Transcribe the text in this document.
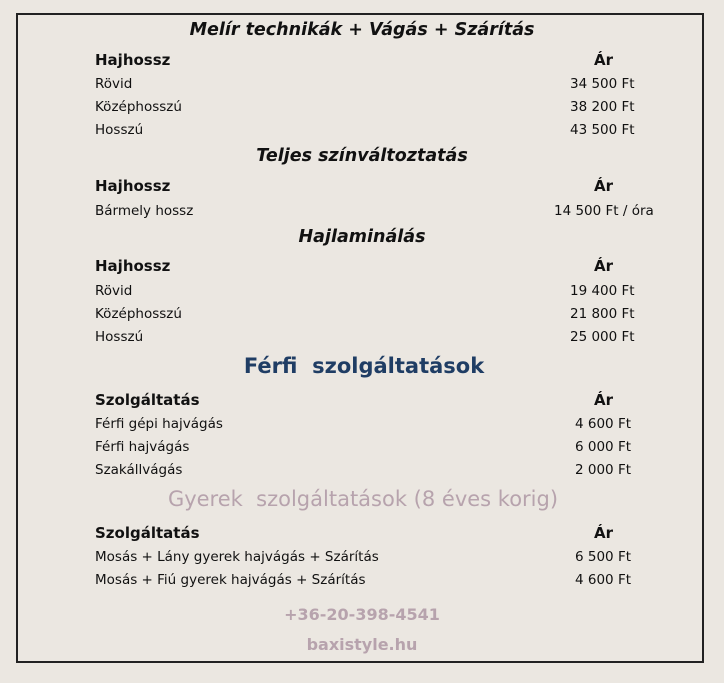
Melír technikák + Vágás + Szárítás
Hajhossz	Ár
Rövid	34 500 Ft
Középhosszú	38 200 Ft
Hosszú	43 500 Ft
Teljes színváltoztatás
Hajhossz	Ár
Bármely hossz	14 500 Ft / óra
Hajlaminálás
Hajhossz	Ár
Rövid	19 400 Ft
Középhosszú	21 800 Ft
Hosszú	25 000 Ft
Férfi  szolgáltatások
Szolgáltatás	Ár
Férfi gépi hajvágás	4 600 Ft
Férfi hajvágás	6 000 Ft
Szakállvágás	2 000 Ft
Gyerek  szolgáltatások (8 éves korig)
Szolgáltatás	Ár
Mosás + Lány gyerek hajvágás + Szárítás	6 500 Ft
Mosás + Fiú gyerek hajvágás + Szárítás	4 600 Ft
+36-20-398-4541
baxistyle.hu
